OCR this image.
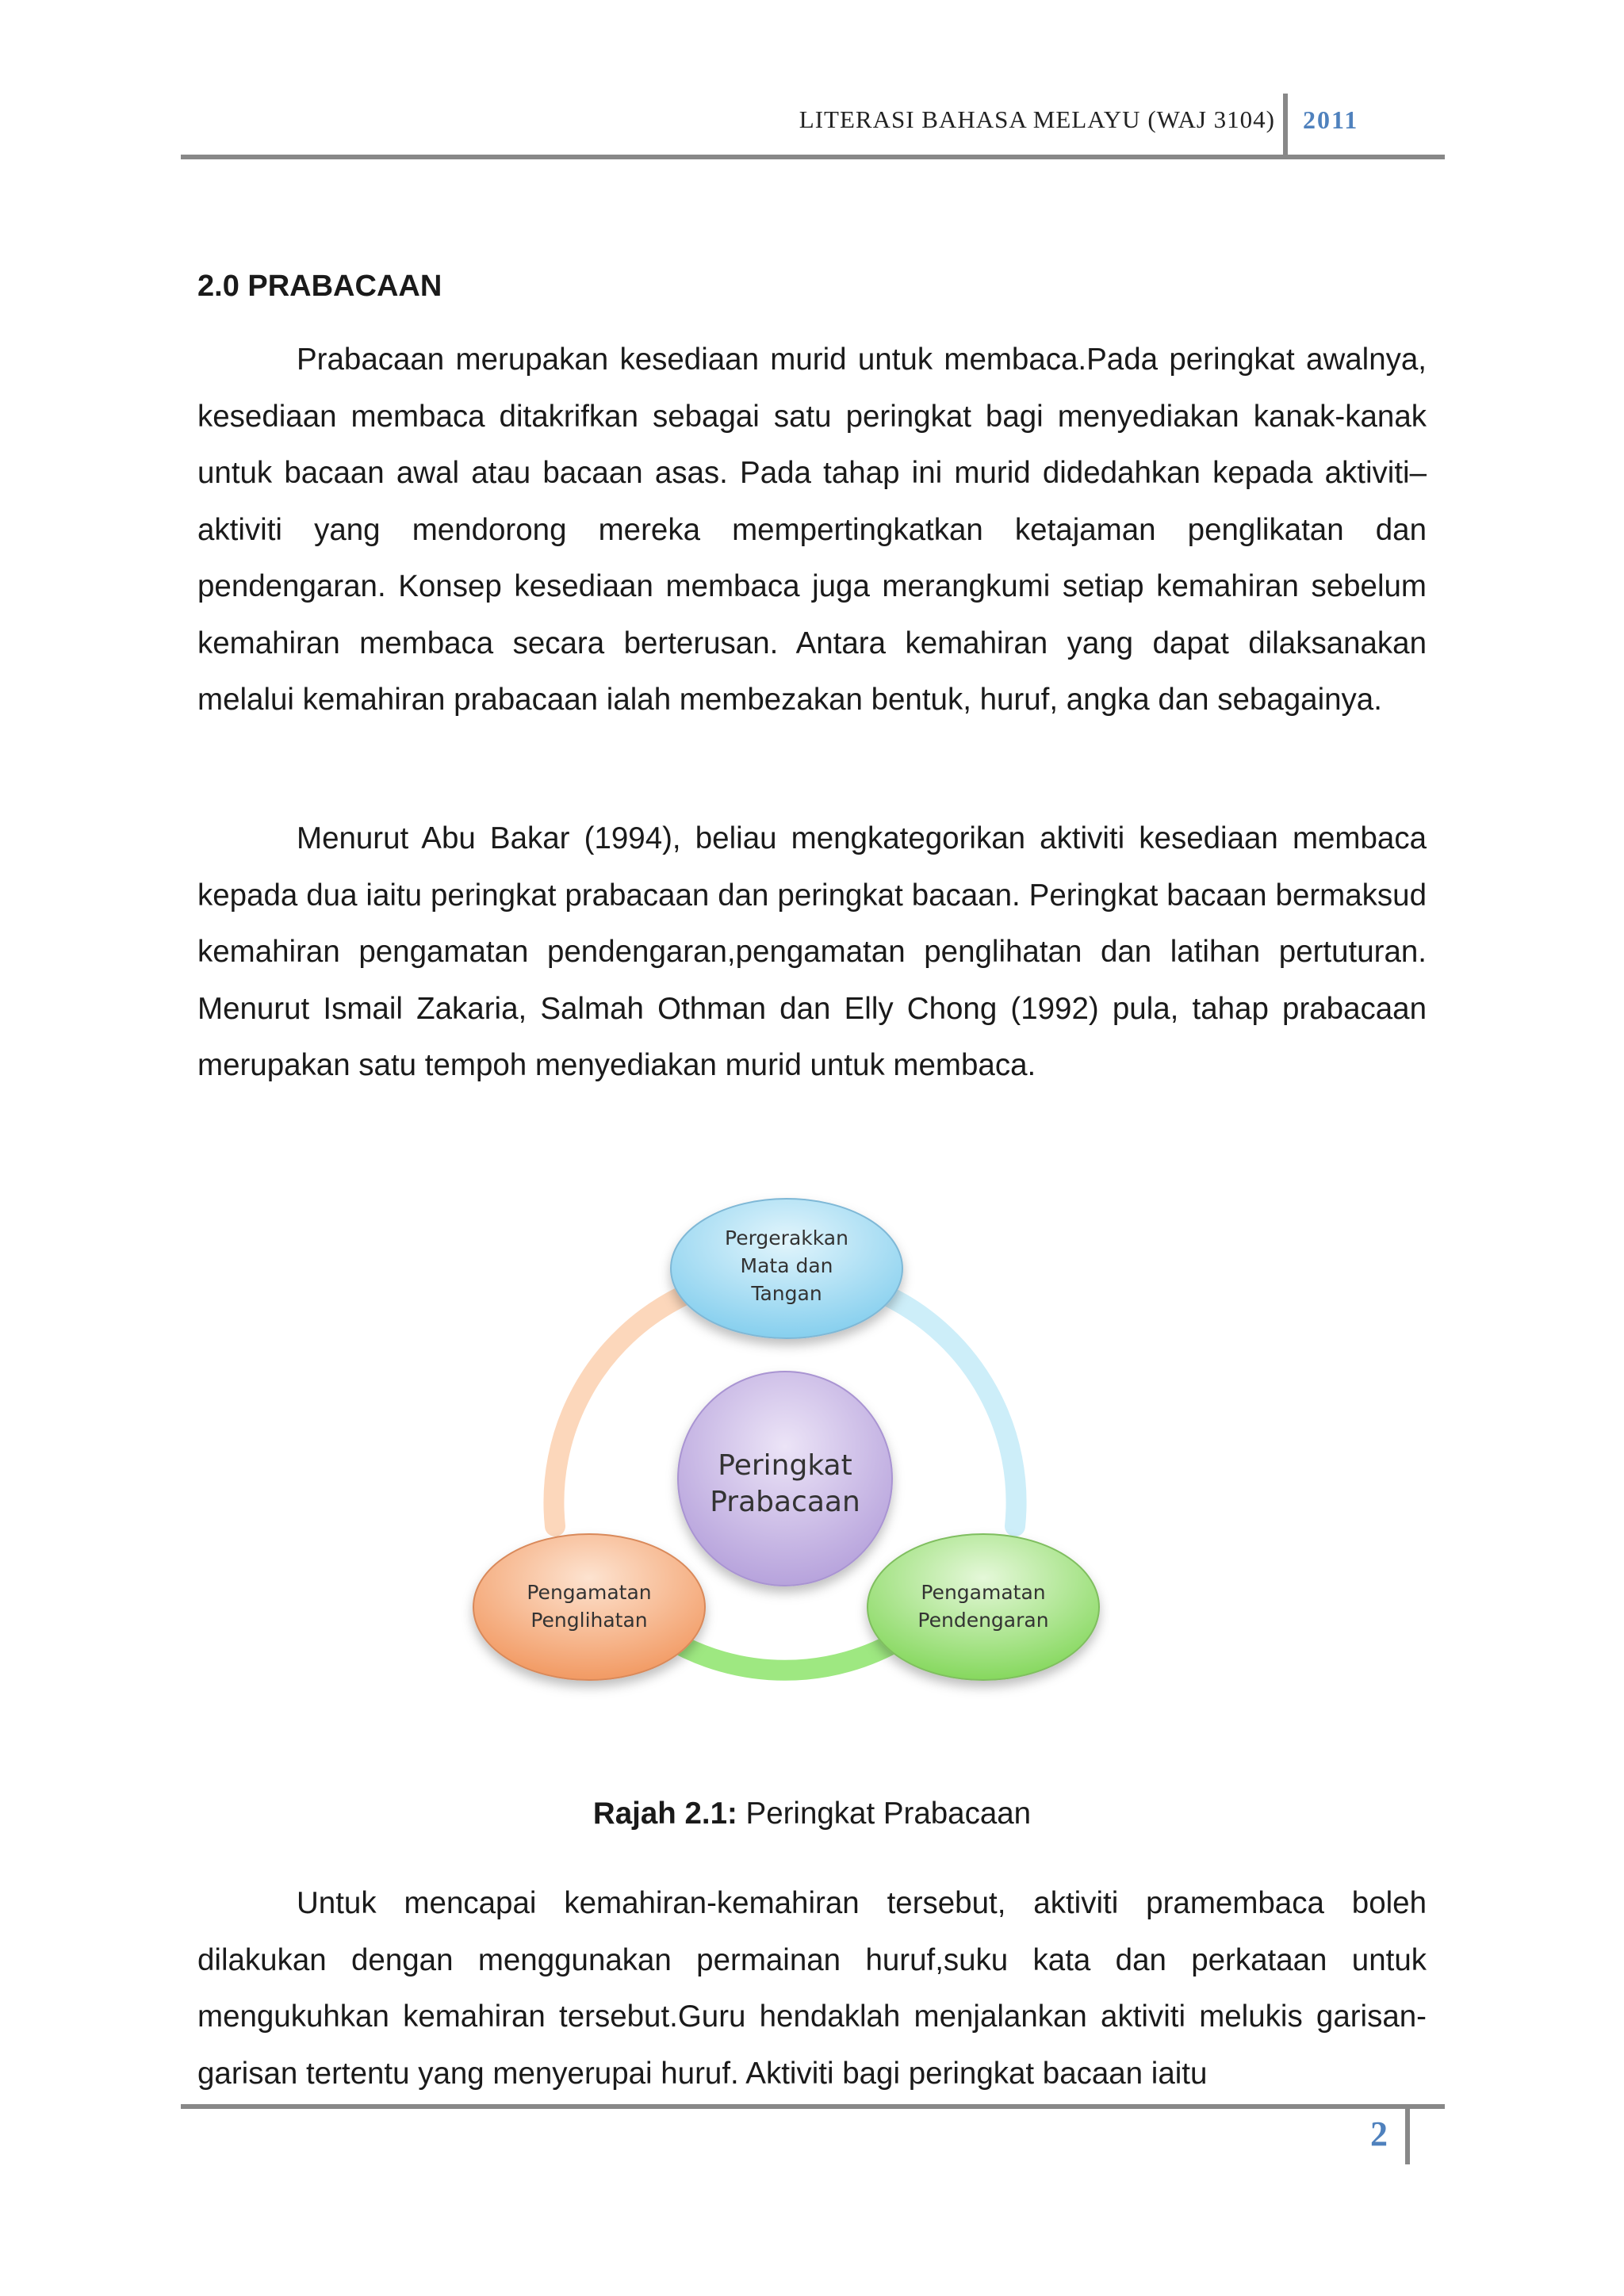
LITERASI BAHASA MELAYU (WAJ 3104) 2011
2.0 PRABACAAN

Prabacaan merupakan kesediaan murid untuk membaca.Pada peringkat awalnya, kesediaan membaca ditakrifkan sebagai satu peringkat bagi menyediakan kanak-kanak untuk bacaan awal atau bacaan asas. Pada tahap ini murid didedahkan kepada aktiviti–aktiviti yang mendorong mereka mempertingkatkan ketajaman penglikatan dan pendengaran. Konsep kesediaan membaca juga merangkumi setiap kemahiran sebelum kemahiran membaca secara berterusan. Antara kemahiran yang dapat dilaksanakan melalui kemahiran prabacaan ialah membezakan bentuk, huruf, angka dan sebagainya.

Menurut Abu Bakar (1994), beliau mengkategorikan aktiviti kesediaan membaca kepada dua iaitu peringkat prabacaan dan peringkat bacaan. Peringkat bacaan bermaksud kemahiran pengamatan pendengaran,pengamatan penglihatan dan latihan pertuturan. Menurut Ismail Zakaria, Salmah Othman dan Elly Chong (1992) pula, tahap prabacaan merupakan satu tempoh menyediakan murid untuk membaca.

Peringkat
Prabacaan
Pergerakkan
Mata dan
Tangan
Pengamatan
Pendengaran
Pengamatan
Penglihatan

Rajah 2.1: Peringkat Prabacaan

Untuk mencapai kemahiran-kemahiran tersebut, aktiviti pramembaca boleh dilakukan dengan menggunakan permainan huruf,suku kata dan perkataan untuk mengukuhkan kemahiran tersebut.Guru hendaklah menjalankan aktiviti melukis garisan-garisan tertentu yang menyerupai huruf. Aktiviti bagi peringkat bacaan iaitu

2
